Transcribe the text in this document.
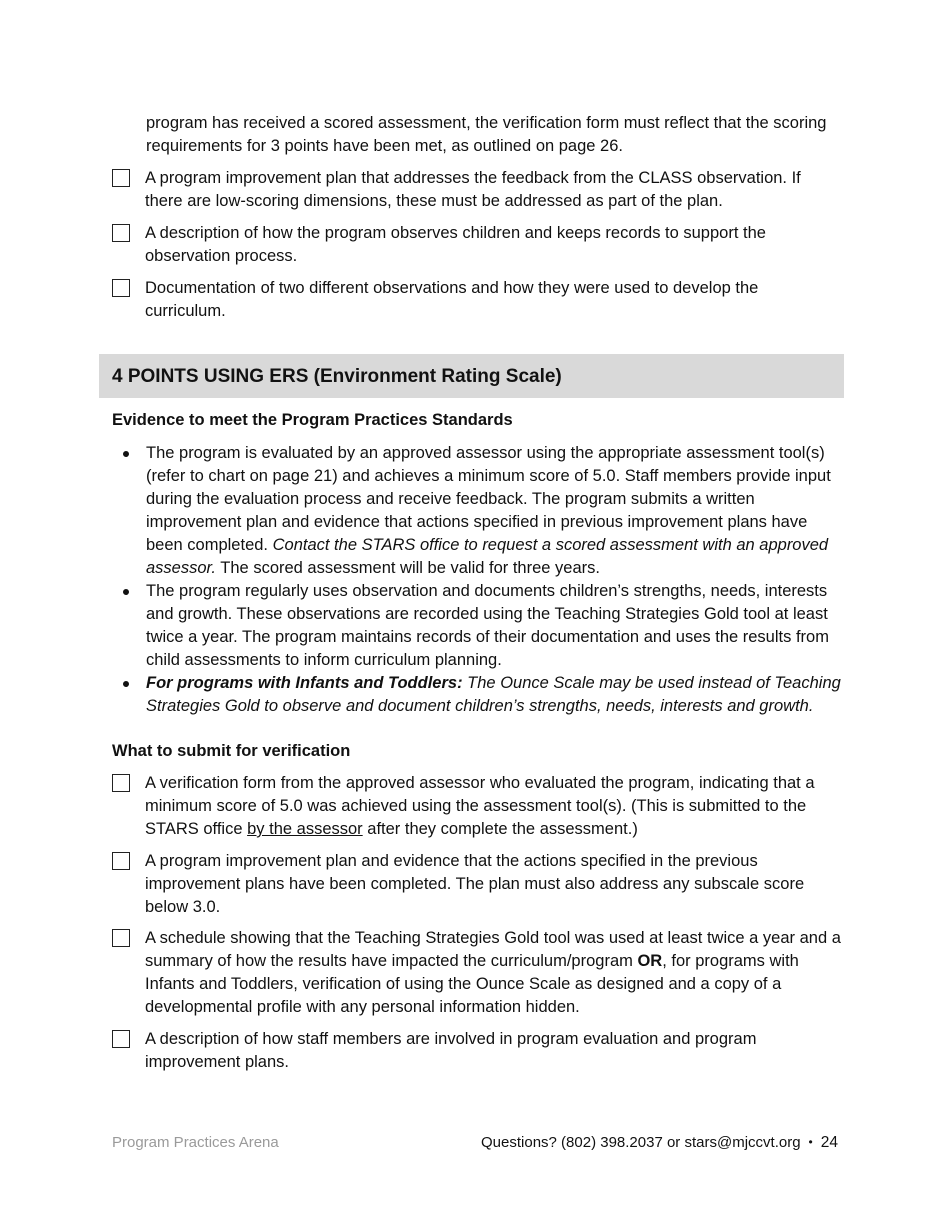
program has received a scored assessment, the verification form must reflect that the scoring requirements for 3 points have been met, as outlined on page 26.
A program improvement plan that addresses the feedback from the CLASS observation. If there are low-scoring dimensions, these must be addressed as part of the plan.
A description of how the program observes children and keeps records to support the observation process.
Documentation of two different observations and how they were used to develop the curriculum.
4 POINTS USING ERS (Environment Rating Scale)
Evidence to meet the Program Practices Standards
The program is evaluated by an approved assessor using the appropriate assessment tool(s) (refer to chart on page 21) and achieves a minimum score of 5.0. Staff members provide input during the evaluation process and receive feedback. The program submits a written improvement plan and evidence that actions specified in previous improvement plans have been completed. Contact the STARS office to request a scored assessment with an approved assessor. The scored assessment will be valid for three years.
The program regularly uses observation and documents children’s strengths, needs, interests and growth. These observations are recorded using the Teaching Strategies Gold tool at least twice a year. The program maintains records of their documentation and uses the results from child assessments to inform curriculum planning.
For programs with Infants and Toddlers: The Ounce Scale may be used instead of Teaching Strategies Gold to observe and document children’s strengths, needs, interests and growth.
What to submit for verification
A verification form from the approved assessor who evaluated the program, indicating that a minimum score of 5.0 was achieved using the assessment tool(s). (This is submitted to the STARS office by the assessor after they complete the assessment.)
A program improvement plan and evidence that the actions specified in the previous improvement plans have been completed. The plan must also address any subscale score below 3.0.
A schedule showing that the Teaching Strategies Gold tool was used at least twice a year and a summary of how the results have impacted the curriculum/program OR, for programs with Infants and Toddlers, verification of using the Ounce Scale as designed and a copy of a developmental profile with any personal information hidden.
A description of how staff members are involved in program evaluation and program improvement plans.
Program Practices Arena	Questions? (802) 398.2037 or stars@mjccvt.org • 24
